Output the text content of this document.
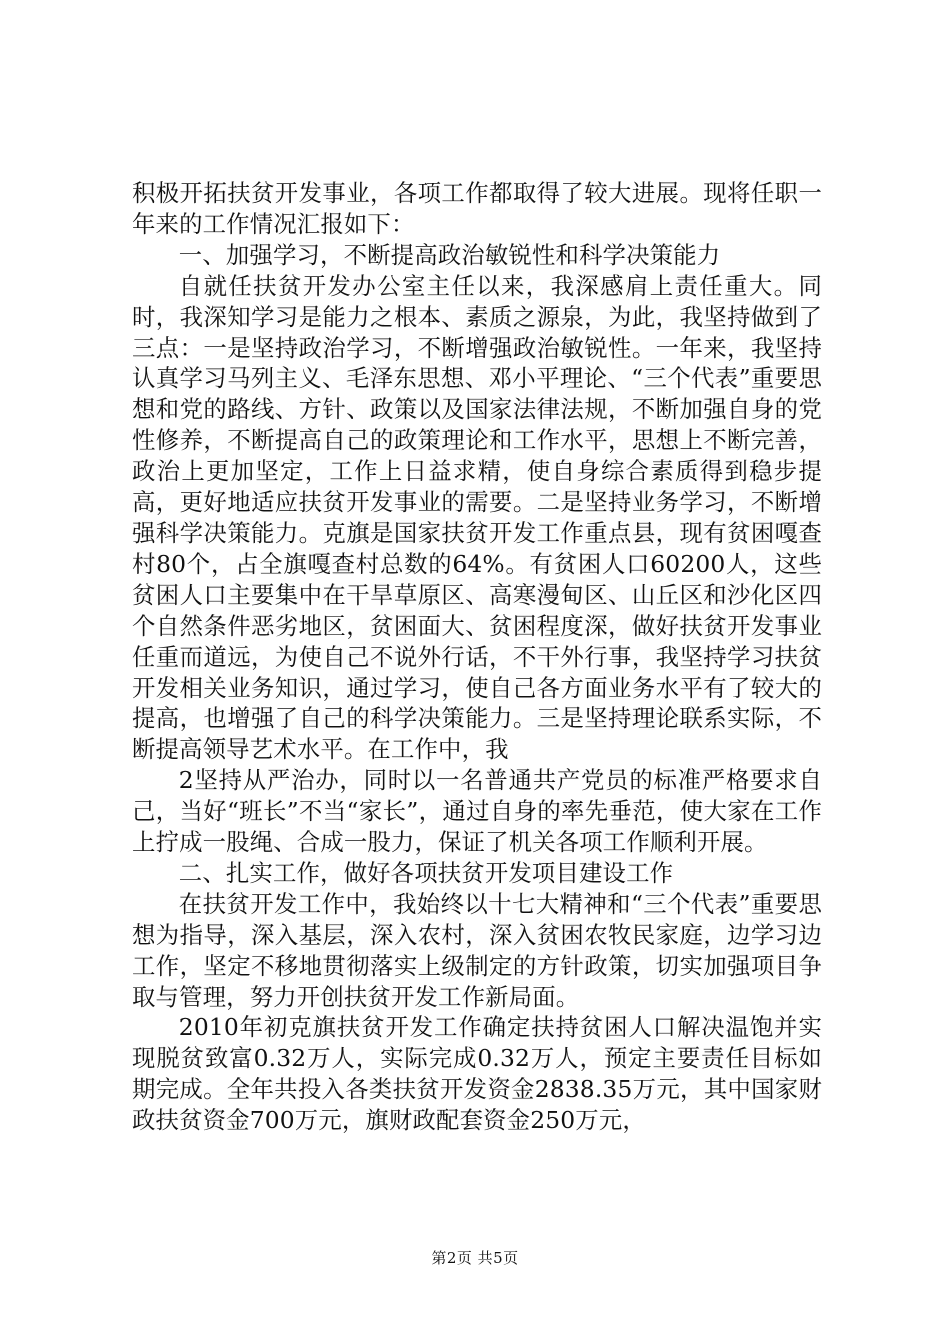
积极开拓扶贫开发事业，各项工作都取得了较大进展。现将任职一年来的工作情况汇报如下：

一、加强学习，不断提高政治敏锐性和科学决策能力

自就任扶贫开发办公室主任以来，我深感肩上责任重大。同时，我深知学习是能力之根本、素质之源泉，为此，我坚持做到了三点：一是坚持政治学习，不断增强政治敏锐性。一年来，我坚持认真学习马列主义、毛泽东思想、邓小平理论、“三个代表”重要思想和党的路线、方针、政策以及国家法律法规，不断加强自身的党性修养，不断提高自己的政策理论和工作水平，思想上不断完善，政治上更加坚定，工作上日益求精，使自身综合素质得到稳步提高，更好地适应扶贫开发事业的需要。二是坚持业务学习，不断增强科学决策能力。克旗是国家扶贫开发工作重点县，现有贫困嘎查村80个，占全旗嘎查村总数的64%。有贫困人口60200人，这些贫困人口主要集中在干旱草原区、高寒漫甸区、山丘区和沙化区四个自然条件恶劣地区，贫困面大、贫困程度深，做好扶贫开发事业任重而道远，为使自己不说外行话，不干外行事，我坚持学习扶贫开发相关业务知识，通过学习，使自己各方面业务水平有了较大的提高，也增强了自己的科学决策能力。三是坚持理论联系实际，不断提高领导艺术水平。在工作中，我

2坚持从严治办，同时以一名普通共产党员的标准严格要求自己，当好“班长”不当“家长”，通过自身的率先垂范，使大家在工作上拧成一股绳、合成一股力，保证了机关各项工作顺利开展。

二、扎实工作，做好各项扶贫开发项目建设工作

在扶贫开发工作中，我始终以十七大精神和“三个代表”重要思想为指导，深入基层，深入农村，深入贫困农牧民家庭，边学习边工作，坚定不移地贯彻落实上级制定的方针政策，切实加强项目争取与管理，努力开创扶贫开发工作新局面。

2010年初克旗扶贫开发工作确定扶持贫困人口解决温饱并实现脱贫致富0.32万人，实际完成0.32万人，预定主要责任目标如期完成。全年共投入各类扶贫开发资金2838.35万元，其中国家财政扶贫资金700万元，旗财政配套资金250万元，

第2页 共5页
